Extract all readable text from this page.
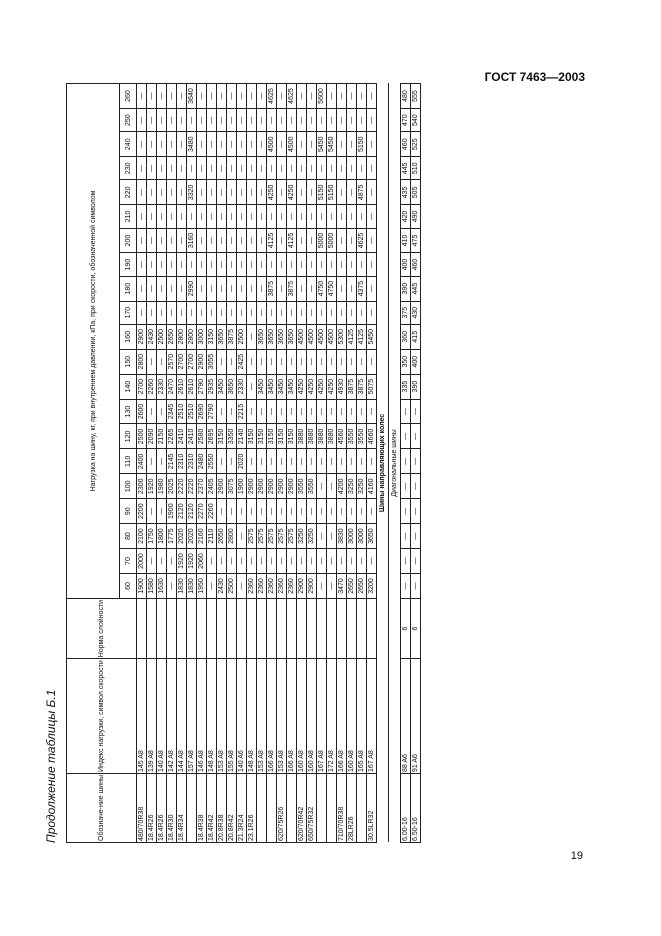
ГОСТ 7463—2003
19
Продолжение таблицы Б.1	Обозначе-ние шины	Индекс нагрузки, символ скорости	Норма слойности	Нагрузка на шину, кг, при внутреннем давлении, кПа, при скорости, обозначенной символом																				
			60	70	80	90	100	110	120	130	140	150	160	170	180	190	200	210	220	230	240	250	260
480/70R38	145 A8		1900	2000	2100	2200	2300	2400	2500	2600	2700	2800	2900	—	—	—	—	—	—	—	—	—	—
18.4R26	139 A8		1580	—	1750	—	1920	—	2090	—	2260	—	2430	—	—	—	—	—	—	—	—	—	—
18.4R26	140 A8		1630	—	1800	—	1980	—	2150	—	2330	—	2500	—	—	—	—	—	—	—	—	—	—
18.4R30	142 A8		—	—	1775	1900	2025	2145	2265	2345	2470	2570	2650	—	—	—	—	—	—	—	—	—	—
18.4R34	144 A8		1830	1920	2020	2120	2220	2310	2410	2510	2610	2700	2800	—	—	—	—	—	—	—	—	—	—
	157 A8		1830	1920	2020	2120	2220	2310	2410	2510	2610	2700	2800	—	2990	—	3160	—	3320	—	3480	—	3640
18.4R38	146 A8		1950	2060	2160	2270	2370	2480	2580	2690	2790	2900	3000	—	—	—	—	—	—	—	—	—	—
18.4R42	148 A8		—	—	2110	2260	2405	2550	2695	2790	2935	3055	3150	—	—	—	—	—	—	—	—	—	—
20.8R38	153 A8		2430	—	2650	—	2900	—	3150	—	3450	—	3650	—	—	—	—	—	—	—	—	—	—
20.8R42	155 A8		2500	—	2800	—	3075	—	3350	—	3650	—	3875	—	—	—	—	—	—	—	—	—	—
21.3R24	140 A6		—	—	—	—	1900	2020	2140	2215	2330	2425	2500	—	—	—	—	—	—	—	—	—	—
23.1R26	148 A8		2360	—	2575	—	2900	—	3150	—	—	—	—	—	—	—	—	—	—	—	—	—	—
	153 A8		2360	—	2575	—	2900	—	3150	—	3450	—	3650	—	—	—	—	—	—	—	—	—	—
	166 A8		2360	—	2575	—	2900	—	3150	—	3450	—	3650	—	3875	—	4125	—	4250	—	4500	—	4625
620/75R26	153 A8		2360	—	2575	—	2900	—	3150	—	3450	—	3650	—	—	—	—	—	—	—	—	—	—
	166 A8		2360	—	2575	—	2900	—	3150	—	3450	—	3650	—	3875	—	4125	—	4250	—	4500	—	4625
620/70R42	160 A8		2900	—	3250	—	3550	—	3880	—	4250	—	4500	—	—	—	—	—	—	—	—	—	—
650/75R32	160 A8		2900	—	3250	—	3550	—	3880	—	4250	—	4500	—	—	—	—	—	—	—	—	—	—
	167 A8		—	—	—	—	—	—	3880	—	4250	—	4500	—	4750	—	5000	—	5150	—	5450	—	5600
	172 A8		—	—	—	—	—	—	3880	—	4250	—	4500	—	4750	—	5000	—	5150	—	5450	—	—
710/70R38	166 A8		3470	—	3830	—	4200	—	4560	—	4930	—	5300	—	—	—	—	—	—	—	—	—	—
28LR26	160 A8		2650	—	3000	—	3250	—	3550	—	3875	—	4125	—	—	—	—	—	—	—	—	—	—
	165 A8		2650	—	3000	—	3250	—	3550	—	3875	—	4125	—	4375	—	4625	—	4875	—	5150	—	—
30.5LR32	167 A8		3200	—	3650	—	4160	—	4660	—	5075	—	5450	—	—	—	—	—	—	—	—	—	—
Шины направляющих колес																							
Диагональные шины																							
6.00-16	88 A6	6	—	—	—	—	—	—	—	—	335	350	360	375	390	400	410	420	435	445	460	470	480
6.50-16	91 A6	6	—	—	—	—	—	—	—	—	390	400	415	430	445	460	475	490	505	510	525	540	555
